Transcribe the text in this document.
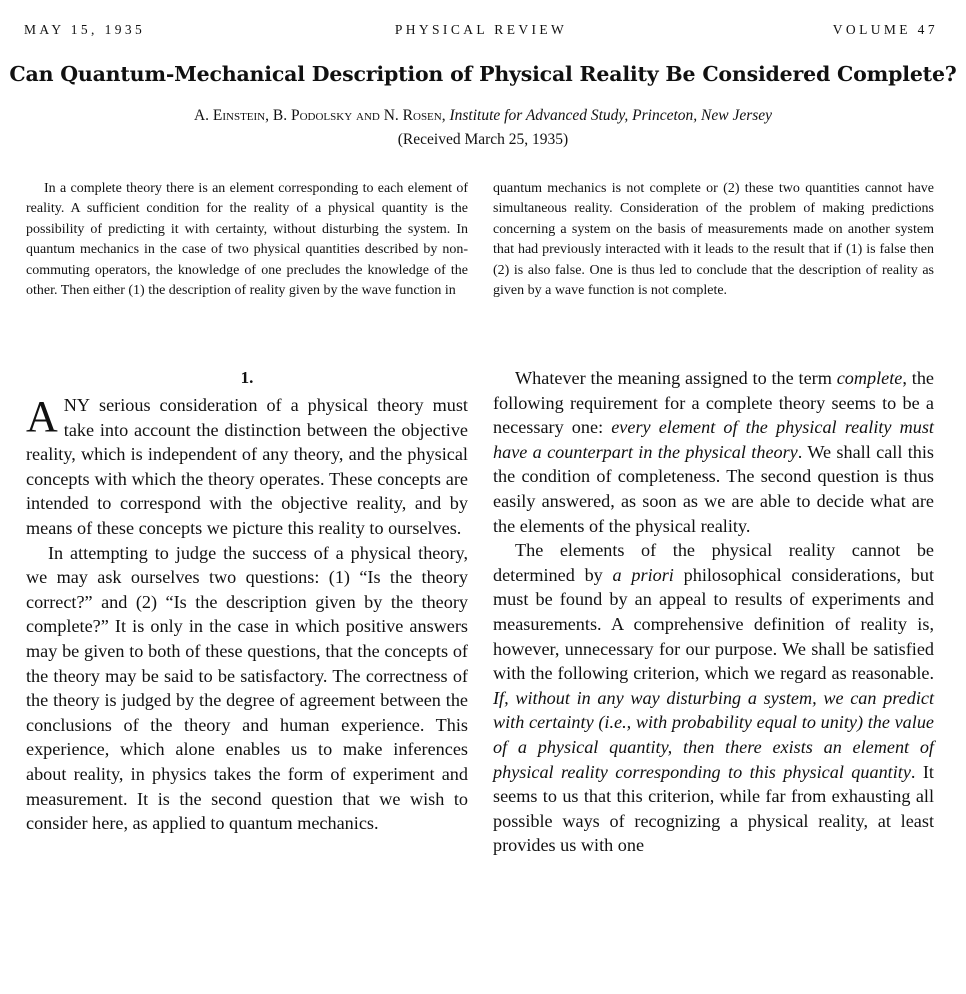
MAY 15, 1935	PHYSICAL REVIEW	VOLUME 47
Can Quantum-Mechanical Description of Physical Reality Be Considered Complete?
A. Einstein, B. Podolsky and N. Rosen, Institute for Advanced Study, Princeton, New Jersey
(Received March 25, 1935)

In a complete theory there is an element corresponding to each element of reality. A sufficient condition for the reality of a physical quantity is the possibility of predicting it with certainty, without disturbing the system. In quantum mechanics in the case of two physical quantities described by non-commuting operators, the knowledge of one precludes the knowledge of the other. Then either (1) the description of reality given by the wave function in

quantum mechanics is not complete or (2) these two quantities cannot have simultaneous reality. Consideration of the problem of making predictions concerning a system on the basis of measurements made on another system that had previously interacted with it leads to the result that if (1) is false then (2) is also false. One is thus led to conclude that the description of reality as given by a wave function is not complete.

1.

ANY serious consideration of a physical theory must take into account the distinction between the objective reality, which is independent of any theory, and the physical concepts with which the theory operates. These concepts are intended to correspond with the objective reality, and by means of these concepts we picture this reality to ourselves.

In attempting to judge the success of a physical theory, we may ask ourselves two questions: (1) “Is the theory correct?” and (2) “Is the description given by the theory complete?” It is only in the case in which positive answers may be given to both of these questions, that the concepts of the theory may be said to be satisfactory. The correctness of the theory is judged by the degree of agreement between the conclusions of the theory and human experience. This experience, which alone enables us to make inferences about reality, in physics takes the form of experiment and measurement. It is the second question that we wish to consider here, as applied to quantum mechanics.

Whatever the meaning assigned to the term complete, the following requirement for a complete theory seems to be a necessary one: every element of the physical reality must have a counterpart in the physical theory. We shall call this the condition of completeness. The second question is thus easily answered, as soon as we are able to decide what are the elements of the physical reality.

The elements of the physical reality cannot be determined by a priori philosophical considerations, but must be found by an appeal to results of experiments and measurements. A comprehensive definition of reality is, however, unnecessary for our purpose. We shall be satisfied with the following criterion, which we regard as reasonable. If, without in any way disturbing a system, we can predict with certainty (i.e., with probability equal to unity) the value of a physical quantity, then there exists an element of physical reality corresponding to this physical quantity. It seems to us that this criterion, while far from exhausting all possible ways of recognizing a physical reality, at least provides us with one
